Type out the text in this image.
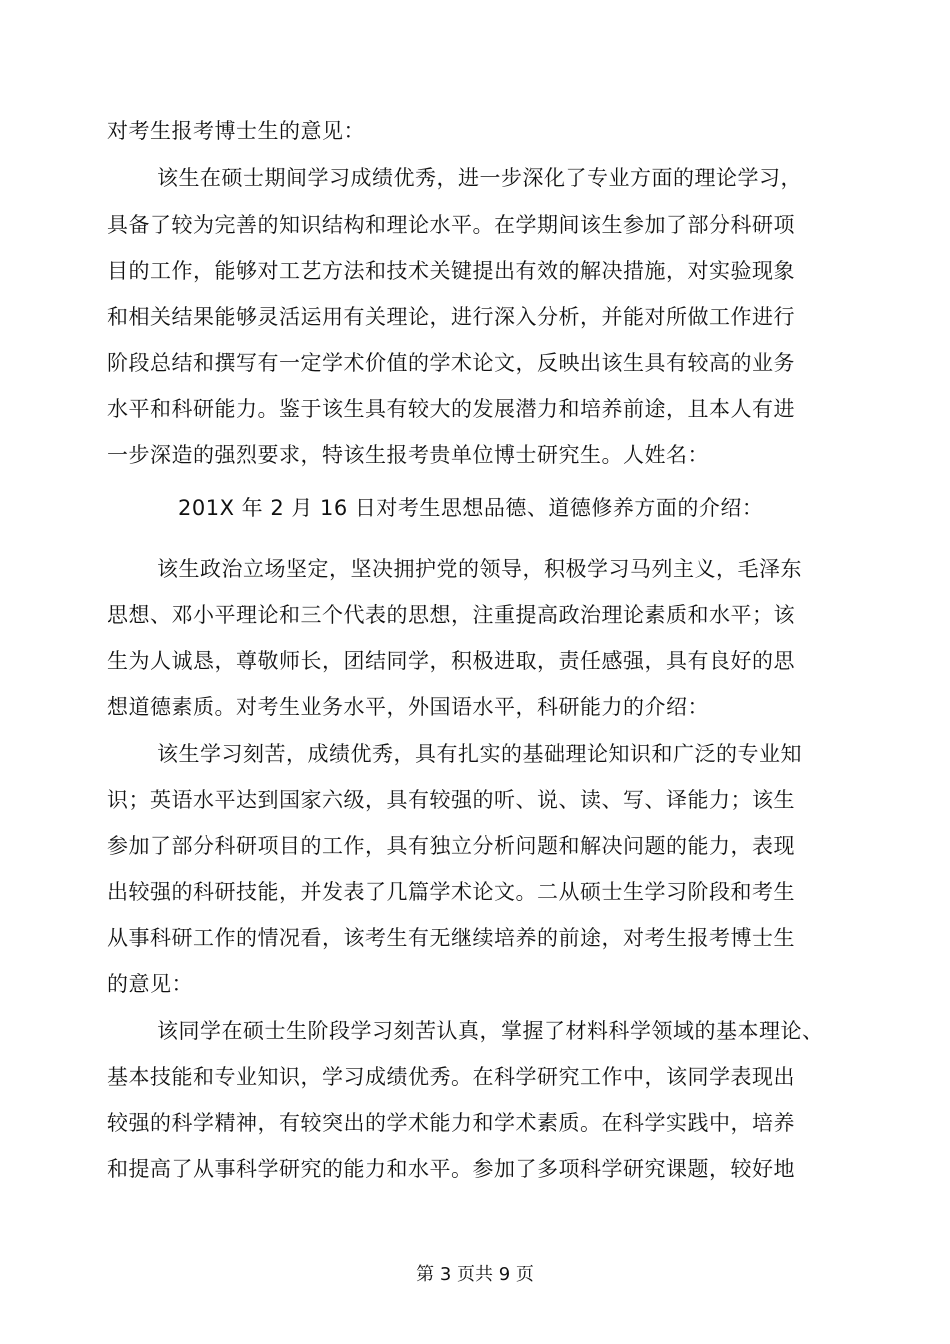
对考生报考博士生的意见：
该生在硕士期间学习成绩优秀，进一步深化了专业方面的理论学习，
具备了较为完善的知识结构和理论水平。在学期间该生参加了部分科研项
目的工作，能够对工艺方法和技术关键提出有效的解决措施，对实验现象
和相关结果能够灵活运用有关理论，进行深入分析，并能对所做工作进行
阶段总结和撰写有一定学术价值的学术论文，反映出该生具有较高的业务
水平和科研能力。鉴于该生具有较大的发展潜力和培养前途，且本人有进
一步深造的强烈要求，特该生报考贵单位博士研究生。人姓名：
201X 年 2 月 16 日对考生思想品德、道德修养方面的介绍：
该生政治立场坚定，坚决拥护党的领导，积极学习马列主义，毛泽东
思想、邓小平理论和三个代表的思想，注重提高政治理论素质和水平；该
生为人诚恳，尊敬师长，团结同学，积极进取，责任感强，具有良好的思
想道德素质。对考生业务水平，外国语水平，科研能力的介绍：
该生学习刻苦，成绩优秀，具有扎实的基础理论知识和广泛的专业知
识；英语水平达到国家六级，具有较强的听、说、读、写、译能力；该生
参加了部分科研项目的工作，具有独立分析问题和解决问题的能力，表现
出较强的科研技能，并发表了几篇学术论文。二从硕士生学习阶段和考生
从事科研工作的情况看，该考生有无继续培养的前途，对考生报考博士生
的意见：
该同学在硕士生阶段学习刻苦认真，掌握了材料科学领域的基本理论、
基本技能和专业知识，学习成绩优秀。在科学研究工作中，该同学表现出
较强的科学精神，有较突出的学术能力和学术素质。在科学实践中，培养
和提高了从事科学研究的能力和水平。参加了多项科学研究课题，较好地
第 3 页共 9 页
